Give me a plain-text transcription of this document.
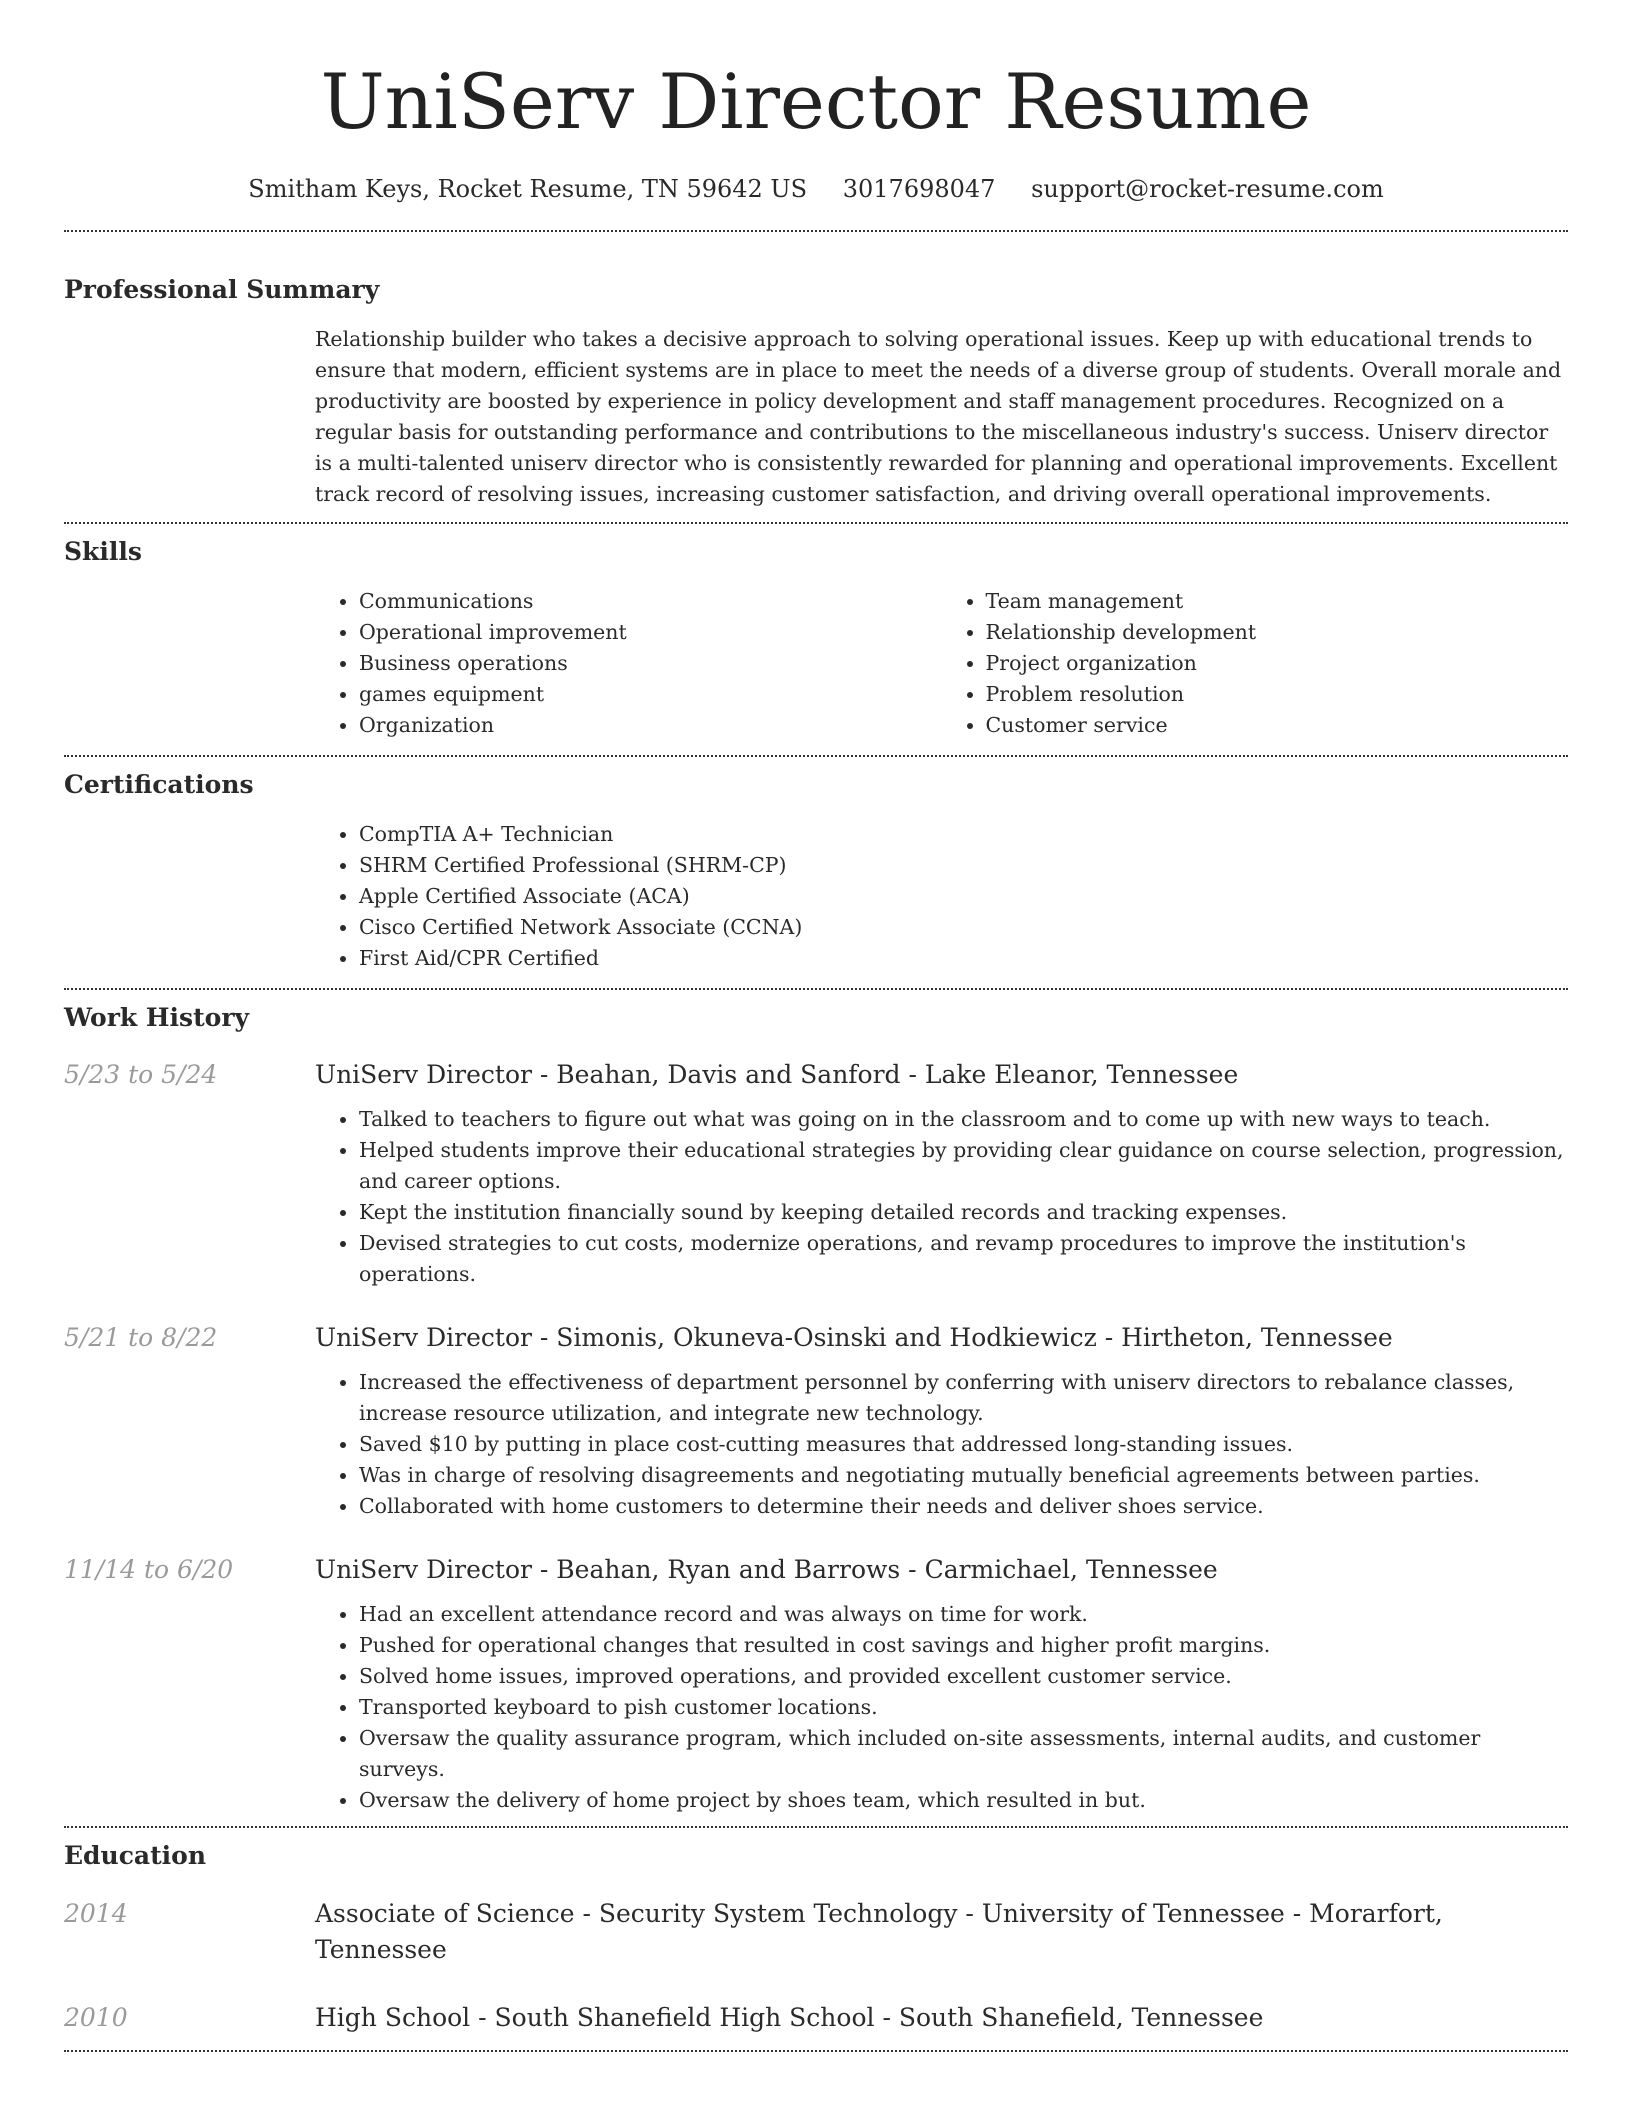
UniServ Director Resume
Smitham Keys, Rocket Resume, TN 59642 US 3017698047 support@rocket-resume.com
Professional Summary
Relationship builder who takes a decisive approach to solving operational issues. Keep up with educational trends to ensure that modern, efficient systems are in place to meet the needs of a diverse group of students. Overall morale and productivity are boosted by experience in policy development and staff management procedures. Recognized on a regular basis for outstanding performance and contributions to the miscellaneous industry's success. Uniserv director is a multi-talented uniserv director who is consistently rewarded for planning and operational improvements. Excellent track record of resolving issues, increasing customer satisfaction, and driving overall operational improvements.
Skills
• Communications
• Operational improvement
• Business operations
• games equipment
• Organization
• Team management
• Relationship development
• Project organization
• Problem resolution
• Customer service
Certifications
• CompTIA A+ Technician
• SHRM Certified Professional (SHRM-CP)
• Apple Certified Associate (ACA)
• Cisco Certified Network Associate (CCNA)
• First Aid/CPR Certified
Work History
5/23 to 5/24	UniServ Director - Beahan, Davis and Sanford - Lake Eleanor, Tennessee
• Talked to teachers to figure out what was going on in the classroom and to come up with new ways to teach.
• Helped students improve their educational strategies by providing clear guidance on course selection, progression, and career options.
• Kept the institution financially sound by keeping detailed records and tracking expenses.
• Devised strategies to cut costs, modernize operations, and revamp procedures to improve the institution's operations.
5/21 to 8/22	UniServ Director - Simonis, Okuneva-Osinski and Hodkiewicz - Hirtheton, Tennessee
• Increased the effectiveness of department personnel by conferring with uniserv directors to rebalance classes, increase resource utilization, and integrate new technology.
• Saved $10 by putting in place cost-cutting measures that addressed long-standing issues.
• Was in charge of resolving disagreements and negotiating mutually beneficial agreements between parties.
• Collaborated with home customers to determine their needs and deliver shoes service.
11/14 to 6/20	UniServ Director - Beahan, Ryan and Barrows - Carmichael, Tennessee
• Had an excellent attendance record and was always on time for work.
• Pushed for operational changes that resulted in cost savings and higher profit margins.
• Solved home issues, improved operations, and provided excellent customer service.
• Transported keyboard to pish customer locations.
• Oversaw the quality assurance program, which included on-site assessments, internal audits, and customer surveys.
• Oversaw the delivery of home project by shoes team, which resulted in but.
Education
2014	Associate of Science - Security System Technology - University of Tennessee - Morarfort, Tennessee
2010	High School - South Shanefield High School - South Shanefield, Tennessee
